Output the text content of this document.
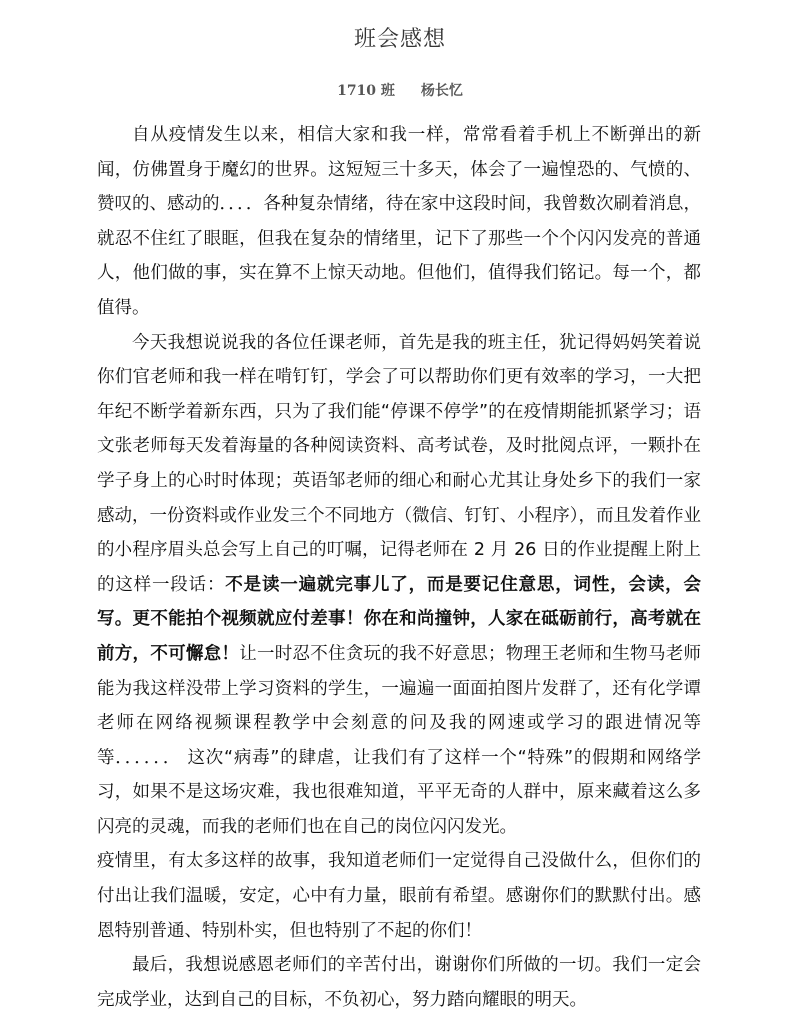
班会感想
1710 班 杨长忆

自从疫情发生以来，相信大家和我一样，常常看着手机上不断弹出的新闻，仿佛置身于魔幻的世界。这短短三十多天，体会了一遍惶恐的、气愤的、赞叹的、感动的．．．．各种复杂情绪，待在家中这段时间，我曾数次刷着消息，就忍不住红了眼眶，但我在复杂的情绪里，记下了那些一个个闪闪发亮的普通人，他们做的事，实在算不上惊天动地。但他们，值得我们铭记。每一个，都值得。

今天我想说说我的各位任课老师，首先是我的班主任，犹记得妈妈笑着说你们官老师和我一样在啃钉钉，学会了可以帮助你们更有效率的学习，一大把年纪不断学着新东西，只为了我们能“停课不停学”的在疫情期能抓紧学习；语文张老师每天发着海量的各种阅读资料、高考试卷，及时批阅点评，一颗扑在学子身上的心时时体现；英语邹老师的细心和耐心尤其让身处乡下的我们一家感动，一份资料或作业发三个不同地方（微信、钉钉、小程序），而且发着作业的小程序眉头总会写上自己的叮嘱，记得老师在 2 月 26 日的作业提醒上附上的这样一段话：不是读一遍就完事儿了，而是要记住意思，词性，会读，会写。更不能拍个视频就应付差事！你在和尚撞钟，人家在砥砺前行，高考就在前方，不可懈怠！让一时忍不住贪玩的我不好意思；物理王老师和生物马老师能为我这样没带上学习资料的学生，一遍遍一面面拍图片发群了，还有化学谭老师在网络视频课程教学中会刻意的问及我的网速或学习的跟进情况等等．．．．．． 这次“病毒”的肆虐，让我们有了这样一个“特殊”的假期和网络学习，如果不是这场灾难，我也很难知道，平平无奇的人群中，原来藏着这么多闪亮的灵魂，而我的老师们也在自己的岗位闪闪发光。

疫情里，有太多这样的故事，我知道老师们一定觉得自己没做什么，但你们的付出让我们温暖，安定，心中有力量，眼前有希望。感谢你们的默默付出。感恩特别普通、特别朴实，但也特别了不起的你们！

最后，我想说感恩老师们的辛苦付出，谢谢你们所做的一切。我们一定会完成学业，达到自己的目标，不负初心，努力踏向耀眼的明天。
